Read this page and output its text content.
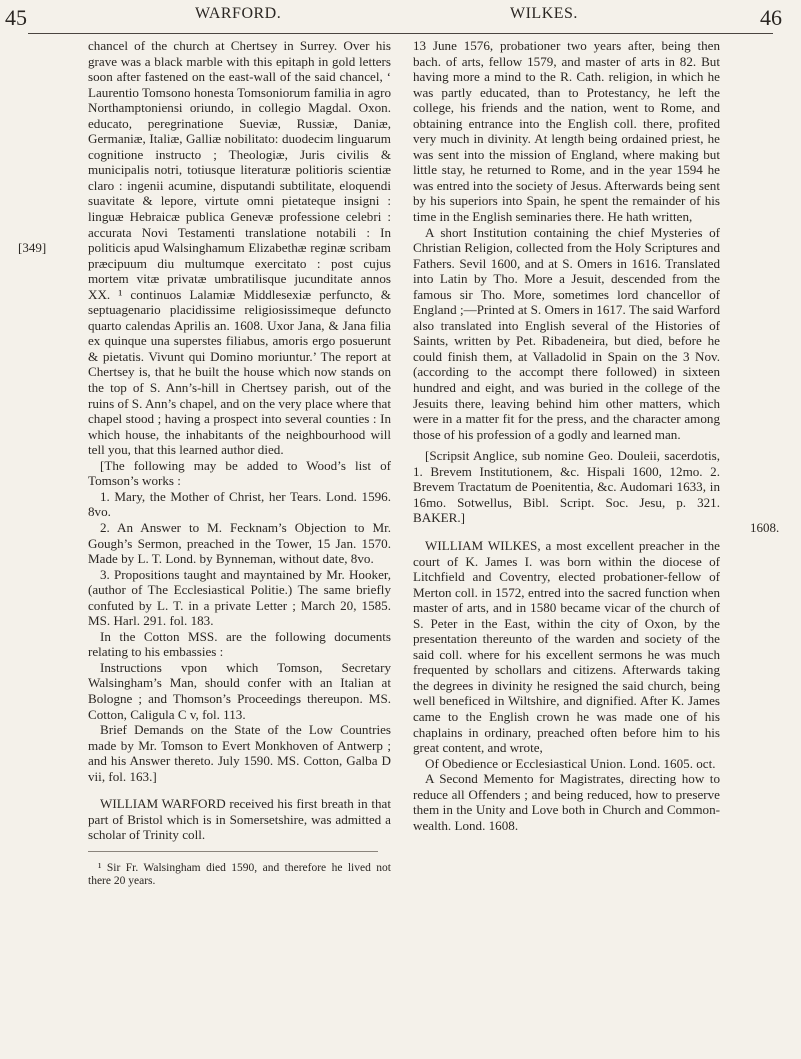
45	WARFORD.	WILKES.	46
[349]
1608.

chancel of the church at Chertsey in Surrey. Over his grave was a black marble with this epitaph in gold letters soon after fastened on the east-wall of the said chancel, ‘ Laurentio Tomsono honesta Tomsoniorum familia in agro Northamptoniensi oriundo, in collegio Magdal. Oxon. educato, peregrinatione Sueviæ, Russiæ, Daniæ, Germaniæ, Italiæ, Galliæ nobilitato: duodecim linguarum cognitione instructo ; Theologiæ, Juris civilis & municipalis notri, totiusque literaturæ politioris scientiæ claro : ingenii acumine, disputandi subtilitate, eloquendi suavitate & lepore, virtute omni pietateque insigni : linguæ Hebraicæ publica Genevæ professione celebri : accurata Novi Testamenti translatione notabili : In politicis apud Walsinghamum Elizabethæ reginæ scribam præcipuum diu multumque exercitato : post cujus mortem vitæ privatæ umbratilisque jucunditate annos XX. ¹ continuos Lalamiæ Middlesexiæ perfuncto, & septuagenario placidissime religiosissimeque defuncto quarto calendas Aprilis an. 1608. Uxor Jana, & Jana filia ex quinque una superstes filiabus, amoris ergo posuerunt & pietatis. Vivunt qui Domino moriuntur.’ The report at Chertsey is, that he built the house which now stands on the top of S. Ann’s-hill in Chertsey parish, out of the ruins of S. Ann’s chapel, and on the very place where that chapel stood ; having a prospect into several counties : In which house, the inhabitants of the neighbourhood will tell you, that this learned author died.

[The following may be added to Wood’s list of Tomson’s works :

1. Mary, the Mother of Christ, her Tears. Lond. 1596. 8vo.

2. An Answer to M. Fecknam’s Objection to Mr. Gough’s Sermon, preached in the Tower, 15 Jan. 1570. Made by L. T. Lond. by Bynneman, without date, 8vo.

3. Propositions taught and mayntained by Mr. Hooker, (author of The Ecclesiastical Politie.) The same briefly confuted by L. T. in a private Letter ; March 20, 1585. MS. Harl. 291. fol. 183.

In the Cotton MSS. are the following documents relating to his embassies :

Instructions vpon which Tomson, Secretary Walsingham’s Man, should confer with an Italian at Bologne ; and Thomson’s Proceedings thereupon. MS. Cotton, Caligula C v, fol. 113.

Brief Demands on the State of the Low Countries made by Mr. Tomson to Evert Monkhoven of Antwerp ; and his Answer thereto. July 1590. MS. Cotton, Galba D vii, fol. 163.]

WILLIAM WARFORD received his first breath in that part of Bristol which is in Somersetshire, was admitted a scholar of Trinity coll.

¹ Sir Fr. Walsingham died 1590, and therefore he lived not there 20 years.

13 June 1576, probationer two years after, being then bach. of arts, fellow 1579, and master of arts in 82. But having more a mind to the R. Cath. religion, in which he was partly educated, than to Protestancy, he left the college, his friends and the nation, went to Rome, and obtaining entrance into the English coll. there, profited very much in divinity. At length being ordained priest, he was sent into the mission of England, where making but little stay, he returned to Rome, and in the year 1594 he was entred into the society of Jesus. Afterwards being sent by his superiors into Spain, he spent the remainder of his time in the English seminaries there. He hath written,

A short Institution containing the chief Mysteries of Christian Religion, collected from the Holy Scriptures and Fathers. Sevil 1600, and at S. Omers in 1616. Translated into Latin by Tho. More a Jesuit, descended from the famous sir Tho. More, sometimes lord chancellor of England ;—Printed at S. Omers in 1617. The said Warford also translated into English several of the Histories of Saints, written by Pet. Ribadeneira, but died, before he could finish them, at Valladolid in Spain on the 3 Nov. (according to the accompt there followed) in sixteen hundred and eight, and was buried in the college of the Jesuits there, leaving behind him other matters, which were in a matter fit for the press, and the character among those of his profession of a godly and learned man.

[Scripsit Anglice, sub nomine Geo. Douleii, sacerdotis, 1. Brevem Institutionem, &c. Hispali 1600, 12mo. 2. Brevem Tractatum de Poenitentia, &c. Audomari 1633, in 16mo. Sotwellus, Bibl. Script. Soc. Jesu, p. 321. BAKER.]

WILLIAM WILKES, a most excellent preacher in the court of K. James I. was born within the diocese of Litchfield and Coventry, elected probationer-fellow of Merton coll. in 1572, entred into the sacred function when master of arts, and in 1580 became vicar of the church of S. Peter in the East, within the city of Oxon, by the presentation thereunto of the warden and society of the said coll. where for his excellent sermons he was much frequented by schollars and citizens. Afterwards taking the degrees in divinity he resigned the said church, being well beneficed in Wiltshire, and dignified. After K. James came to the English crown he was made one of his chaplains in ordinary, preached often before him to his great content, and wrote,

Of Obedience or Ecclesiastical Union. Lond. 1605. oct.

A Second Memento for Magistrates, directing how to reduce all Offenders ; and being reduced, how to preserve them in the Unity and Love both in Church and Common-wealth. Lond. 1608.
